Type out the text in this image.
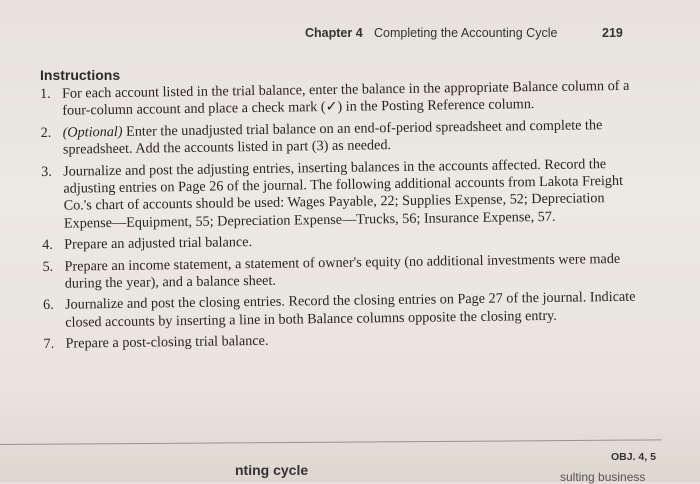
Chapter 4 Completing the Accounting Cycle	219
Instructions
1. For each account listed in the trial balance, enter the balance in the appropriate Balance column of a four-column account and place a check mark (✓) in the Posting Reference column.
2. (Optional) Enter the unadjusted trial balance on an end-of-period spreadsheet and complete the spreadsheet. Add the accounts listed in part (3) as needed.
3. Journalize and post the adjusting entries, inserting balances in the accounts affected. Record the adjusting entries on Page 26 of the journal. The following additional accounts from Lakota Freight Co.'s chart of accounts should be used: Wages Payable, 22; Supplies Expense, 52; Depreciation Expense—Equipment, 55; Depreciation Expense—Trucks, 56; Insurance Expense, 57.
4. Prepare an adjusted trial balance.
5. Prepare an income statement, a statement of owner's equity (no additional investments were made during the year), and a balance sheet.
6. Journalize and post the closing entries. Record the closing entries on Page 27 of the journal. Indicate closed accounts by inserting a line in both Balance columns opposite the closing entry.
7. Prepare a post-closing trial balance.
nting cycle
OBJ. 4, 5
sulting business
